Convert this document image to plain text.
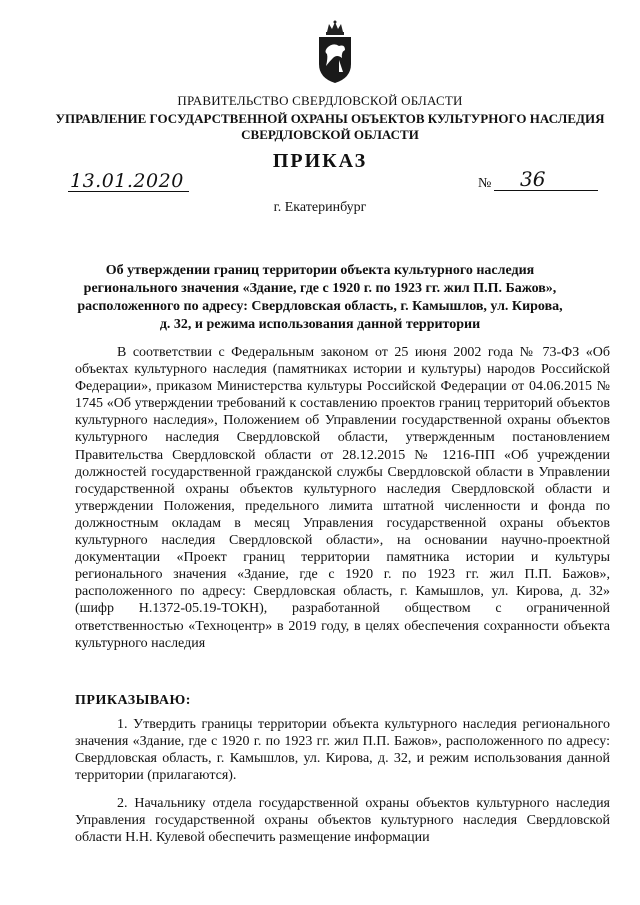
ПРАВИТЕЛЬСТВО СВЕРДЛОВСКОЙ ОБЛАСТИ
УПРАВЛЕНИЕ ГОСУДАРСТВЕННОЙ ОХРАНЫ ОБЪЕКТОВ КУЛЬТУРНОГО НАСЛЕДИЯ
СВЕРДЛОВСКОЙ ОБЛАСТИ
ПРИКАЗ
13.01.2020	№ 36
г. Екатеринбург
Об утверждении границ территории объекта культурного наследия регионального значения «Здание, где с 1920 г. по 1923 гг. жил П.П. Бажов», расположенного по адресу: Свердловская область, г. Камышлов, ул. Кирова, д. 32, и режима использования данной территории
В соответствии с Федеральным законом от 25 июня 2002 года № 73-ФЗ «Об объектах культурного наследия (памятниках истории и культуры) народов Российской Федерации», приказом Министерства культуры Российской Федерации от 04.06.2015 № 1745 «Об утверждении требований к составлению проектов границ территорий объектов культурного наследия», Положением об Управлении государственной охраны объектов культурного наследия Свердловской области, утвержденным постановлением Правительства Свердловской области от 28.12.2015 № 1216-ПП «Об учреждении должностей государственной гражданской службы Свердловской области в Управлении государственной охраны объектов культурного наследия Свердловской области и утверждении Положения, предельного лимита штатной численности и фонда по должностным окладам в месяц Управления государственной охраны объектов культурного наследия Свердловской области», на основании научно-проектной документации «Проект границ территории памятника истории и культуры регионального значения «Здание, где с 1920 г. по 1923 гг. жил П.П. Бажов», расположенного по адресу: Свердловская область, г. Камышлов, ул. Кирова, д. 32» (шифр Н.1372-05.19-ТОКН), разработанной обществом с ограниченной ответственностью «Техноцентр» в 2019 году, в целях обеспечения сохранности объекта культурного наследия
ПРИКАЗЫВАЮ:
1. Утвердить границы территории объекта культурного наследия регионального значения «Здание, где с 1920 г. по 1923 гг. жил П.П. Бажов», расположенного по адресу: Свердловская область, г. Камышлов, ул. Кирова, д. 32, и режим использования данной территории (прилагаются).
2. Начальнику отдела государственной охраны объектов культурного наследия Управления государственной охраны объектов культурного наследия Свердловской области Н.Н. Кулевой обеспечить размещение информации
